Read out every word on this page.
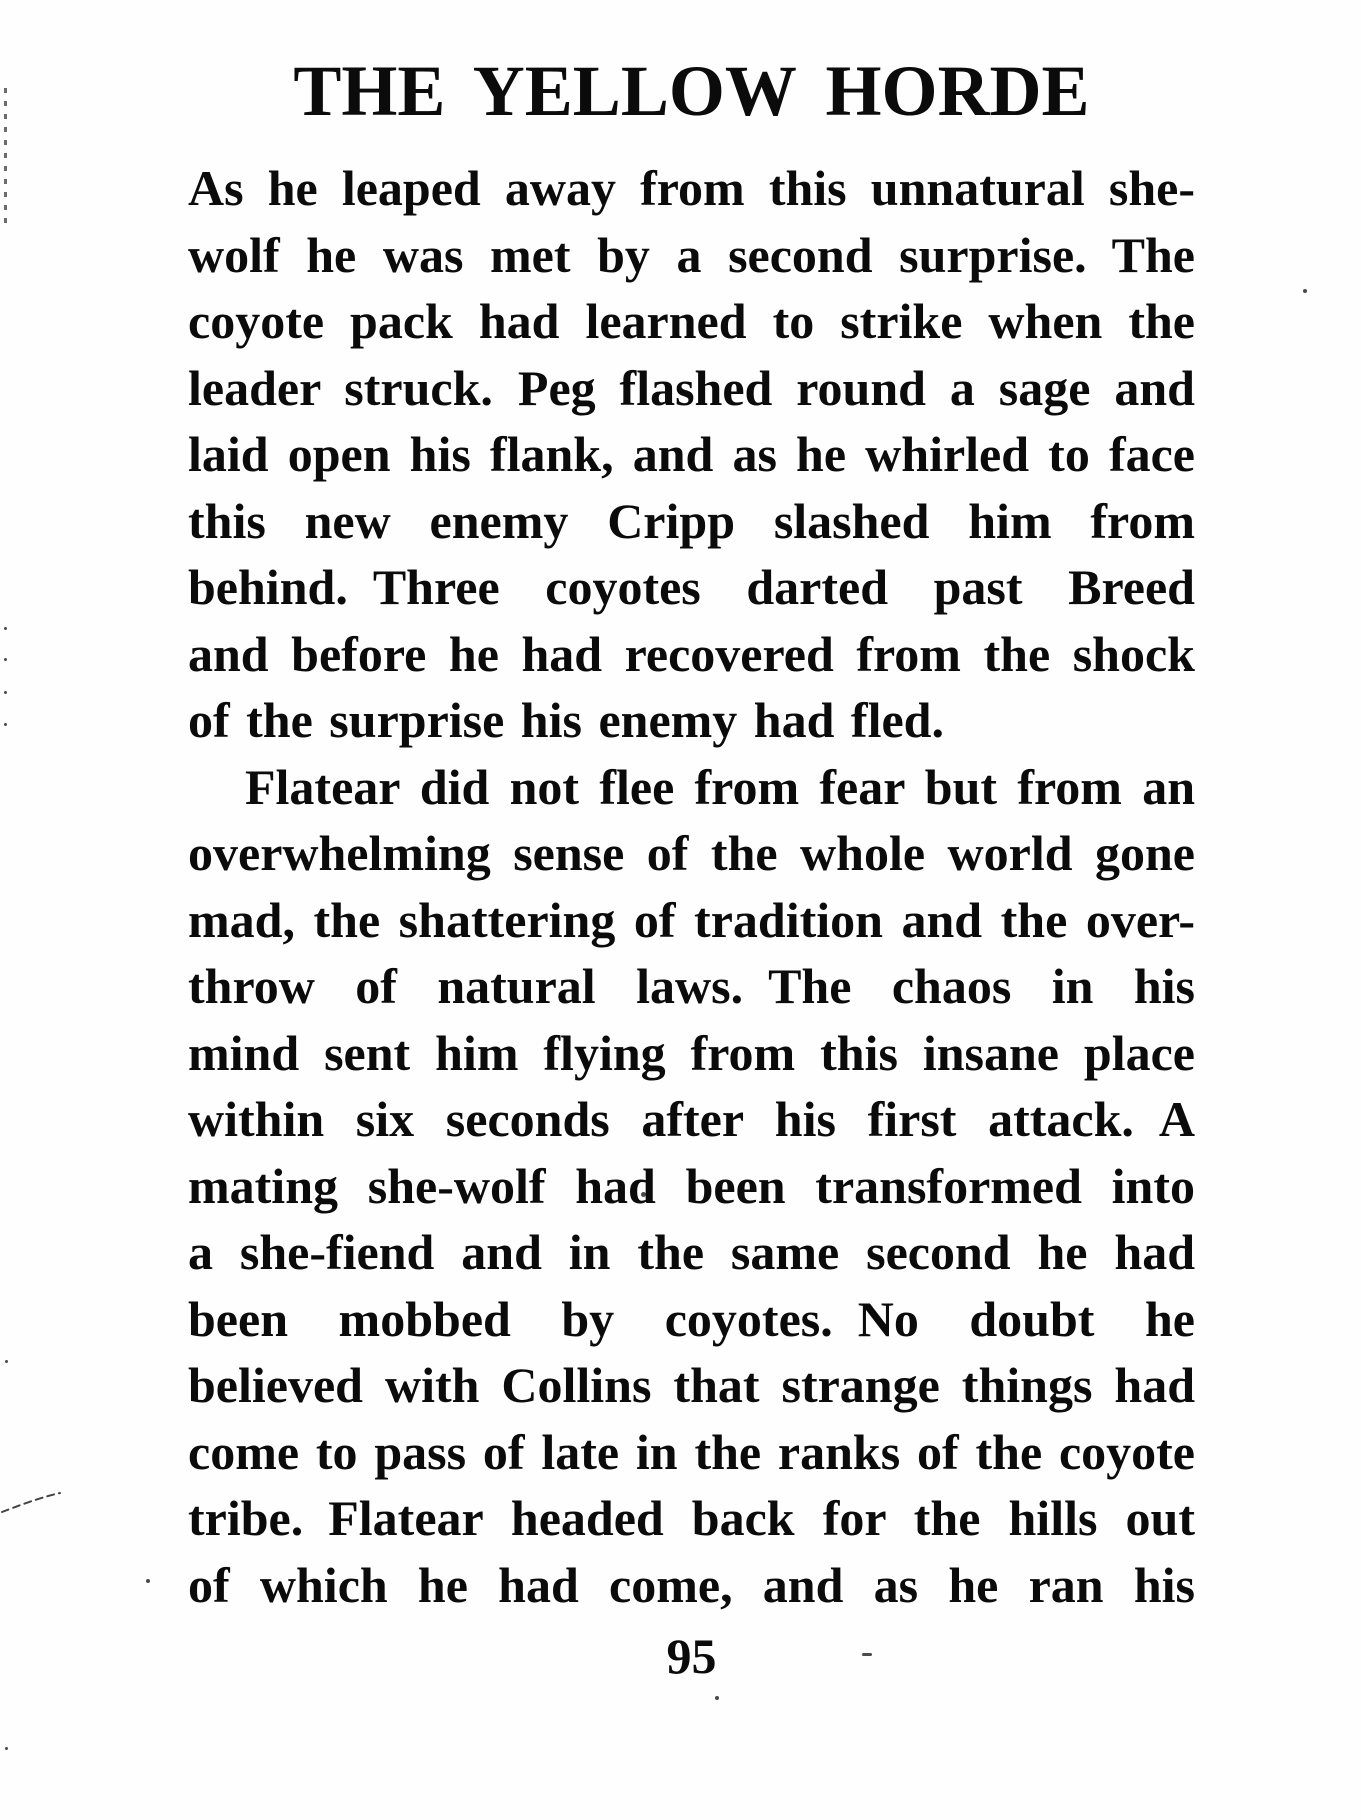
THE YELLOW HORDE
As he leaped away from this unnatural she-
wolf he was met by a second surprise. The
coyote pack had learned to strike when the
leader struck. Peg flashed round a sage and
laid open his flank, and as he whirled to face
this new enemy Cripp slashed him from
behind. Three coyotes darted past Breed
and before he had recovered from the shock
of the surprise his enemy had fled.
Flatear did not flee from fear but from an
overwhelming sense of the whole world gone
mad, the shattering of tradition and the over-
throw of natural laws. The chaos in his
mind sent him flying from this insane place
within six seconds after his first attack. A
mating she-wolf had been transformed into
a she-fiend and in the same second he had
been mobbed by coyotes. No doubt he
believed with Collins that strange things had
come to pass of late in the ranks of the coyote
tribe. Flatear headed back for the hills out
of which he had come, and as he ran his
95
